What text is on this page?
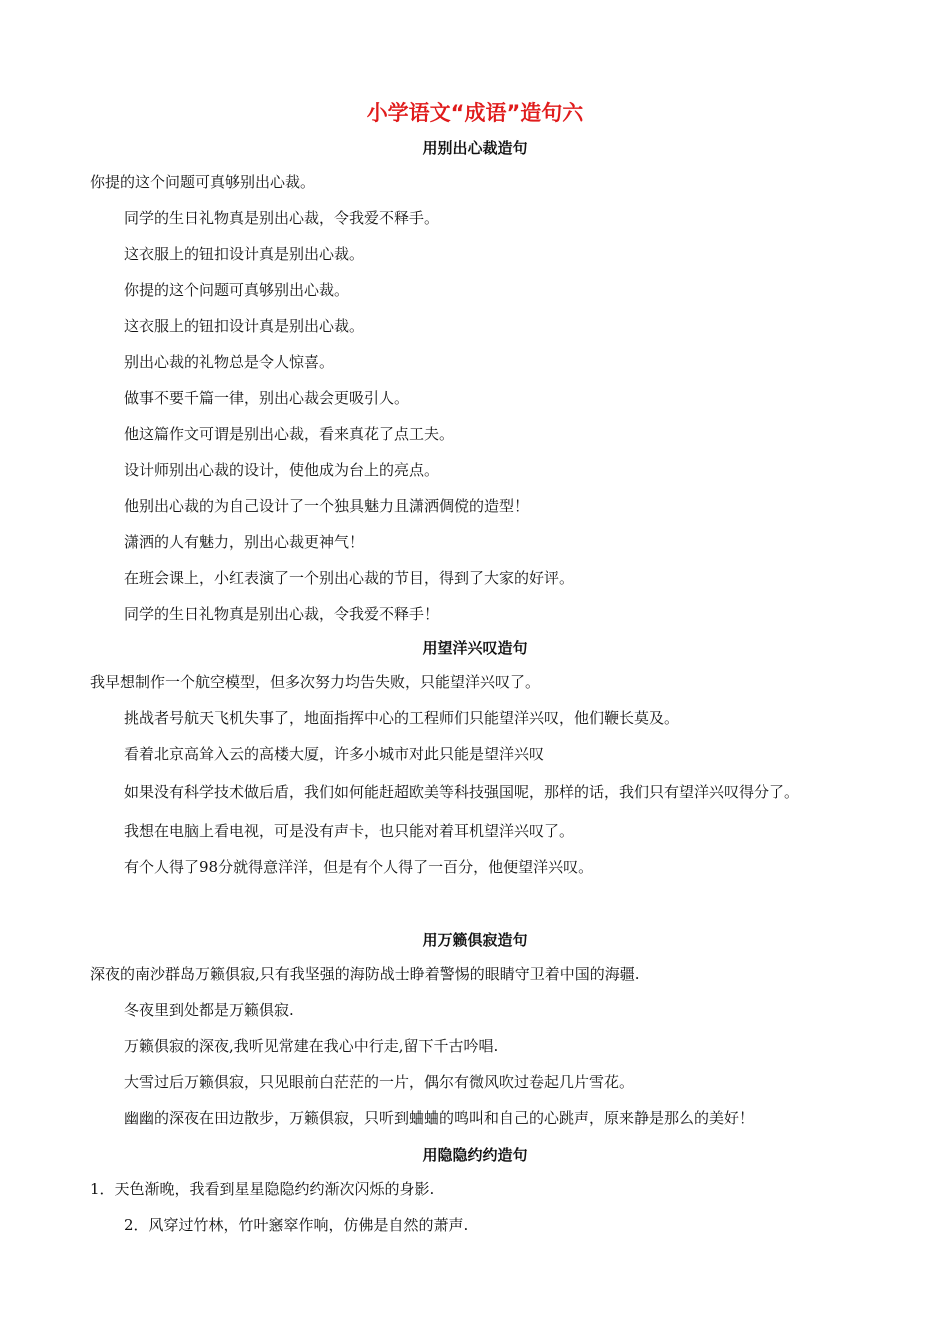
小学语文“成语”造句六
用别出心裁造句

你提的这个问题可真够别出心裁。

同学的生日礼物真是别出心裁，令我爱不释手。

这衣服上的钮扣设计真是别出心裁。

你提的这个问题可真够别出心裁。

这衣服上的钮扣设计真是别出心裁。

别出心裁的礼物总是令人惊喜。

做事不要千篇一律，别出心裁会更吸引人。

他这篇作文可谓是别出心裁，看来真花了点工夫。

设计师别出心裁的设计，使他成为台上的亮点。

他别出心裁的为自己设计了一个独具魅力且潇洒倜傥的造型！

潇洒的人有魅力，别出心裁更神气！

在班会课上，小红表演了一个别出心裁的节目，得到了大家的好评。

同学的生日礼物真是别出心裁，令我爱不释手！

用望洋兴叹造句

我早想制作一个航空模型，但多次努力均告失败，只能望洋兴叹了。

挑战者号航天飞机失事了，地面指挥中心的工程师们只能望洋兴叹，他们鞭长莫及。

看着北京高耸入云的高楼大厦，许多小城市对此只能是望洋兴叹

如果没有科学技术做后盾，我们如何能赶超欧美等科技强国呢，那样的话，我们只有望洋兴叹得分了。

我想在电脑上看电视，可是没有声卡，也只能对着耳机望洋兴叹了。

有个人得了98分就得意洋洋，但是有个人得了一百分，他便望洋兴叹。

用万籁俱寂造句

深夜的南沙群岛万籁俱寂,只有我坚强的海防战士睁着警惕的眼睛守卫着中国的海疆.

冬夜里到处都是万籁俱寂.

万籁俱寂的深夜,我听见常建在我心中行走,留下千古吟唱.

大雪过后万籁俱寂，只见眼前白茫茫的一片，偶尔有微风吹过卷起几片雪花。

幽幽的深夜在田边散步，万籁俱寂，只听到蛐蛐的鸣叫和自己的心跳声，原来静是那么的美好！

用隐隐约约造句

1．天色渐晚，我看到星星隐隐约约渐次闪烁的身影.

2．风穿过竹林，竹叶窸窣作响，仿佛是自然的萧声.
